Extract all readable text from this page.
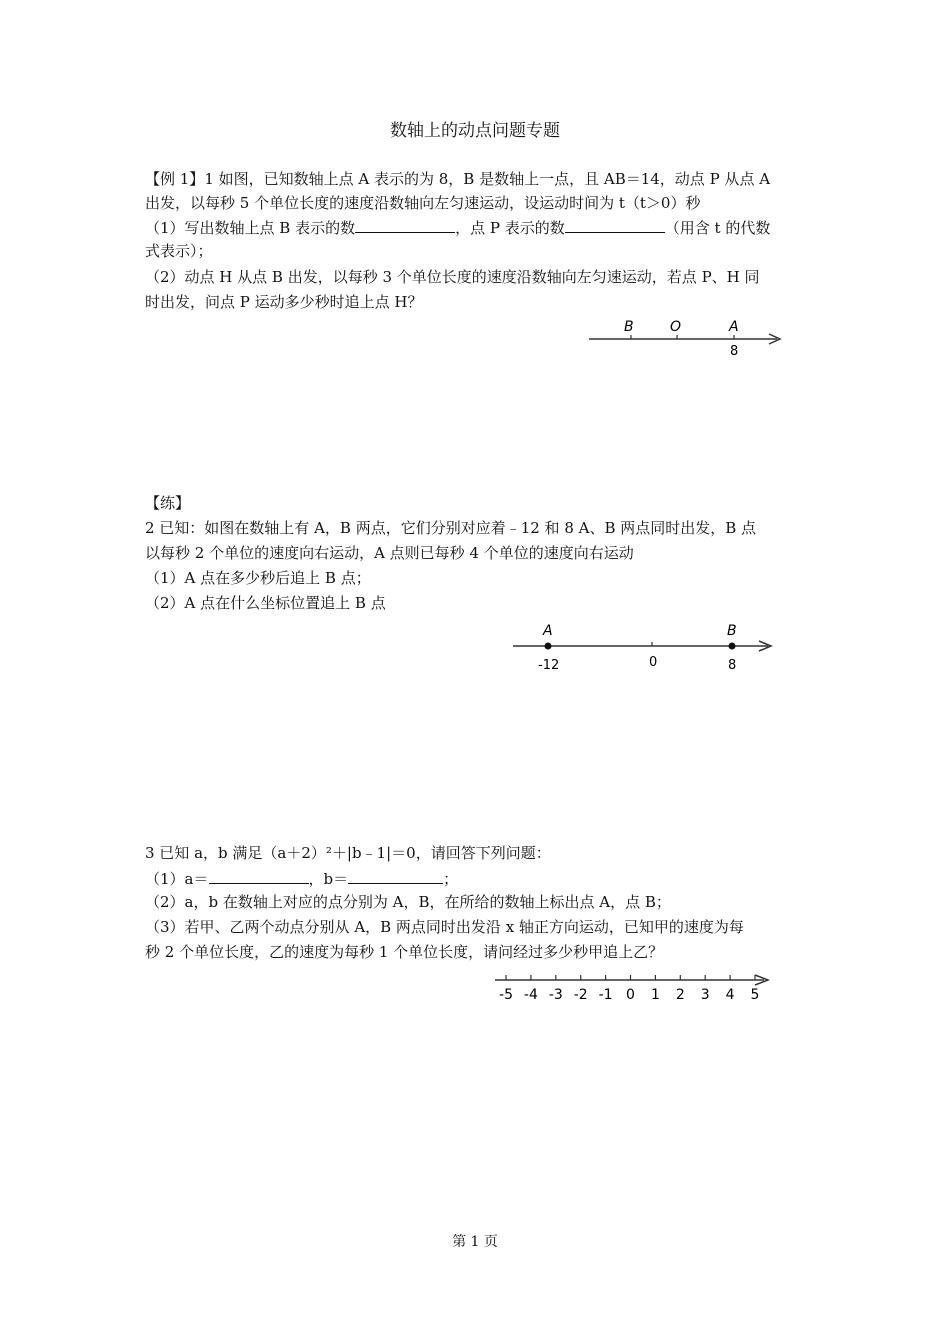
数轴上的动点问题专题
【例 1】1 如图，已知数轴上点 A 表示的为 8，B 是数轴上一点，且 AB＝14，动点 P 从点 A
出发，以每秒 5 个单位长度的速度沿数轴向左匀速运动，设运动时间为 t（t＞0）秒
（1）写出数轴上点 B 表示的数	，点 P 表示的数	（用含 t 的代数
式表示）；
（2）动点 H 从点 B 出发，以每秒 3 个单位长度的速度沿数轴向左匀速运动，若点 P、H 同
时出发，问点 P 运动多少秒时追上点 H？
B	O	A
8
【练】
2 已知：如图在数轴上有 A，B 两点，它们分别对应着﹣12 和 8 A、B 两点同时出发，B 点
以每秒 2 个单位的速度向右运动，A 点则已每秒 4 个单位的速度向右运动
（1）A 点在多少秒后追上 B 点；
（2）A 点在什么坐标位置追上 B 点
A	B
-12	0	8
3 已知 a，b 满足（a＋2）²＋|b﹣1|＝0，请回答下列问题：
（1）a＝	，b＝	；
（2）a，b 在数轴上对应的点分别为 A，B，在所给的数轴上标出点 A，点 B；
（3）若甲、乙两个动点分别从 A，B 两点同时出发沿 x 轴正方向运动，已知甲的速度为每
秒 2 个单位长度，乙的速度为每秒 1 个单位长度，请问经过多少秒甲追上乙？
-5 -4 -3 -2 -1 0 1 2 3 4 5
第 1 页
